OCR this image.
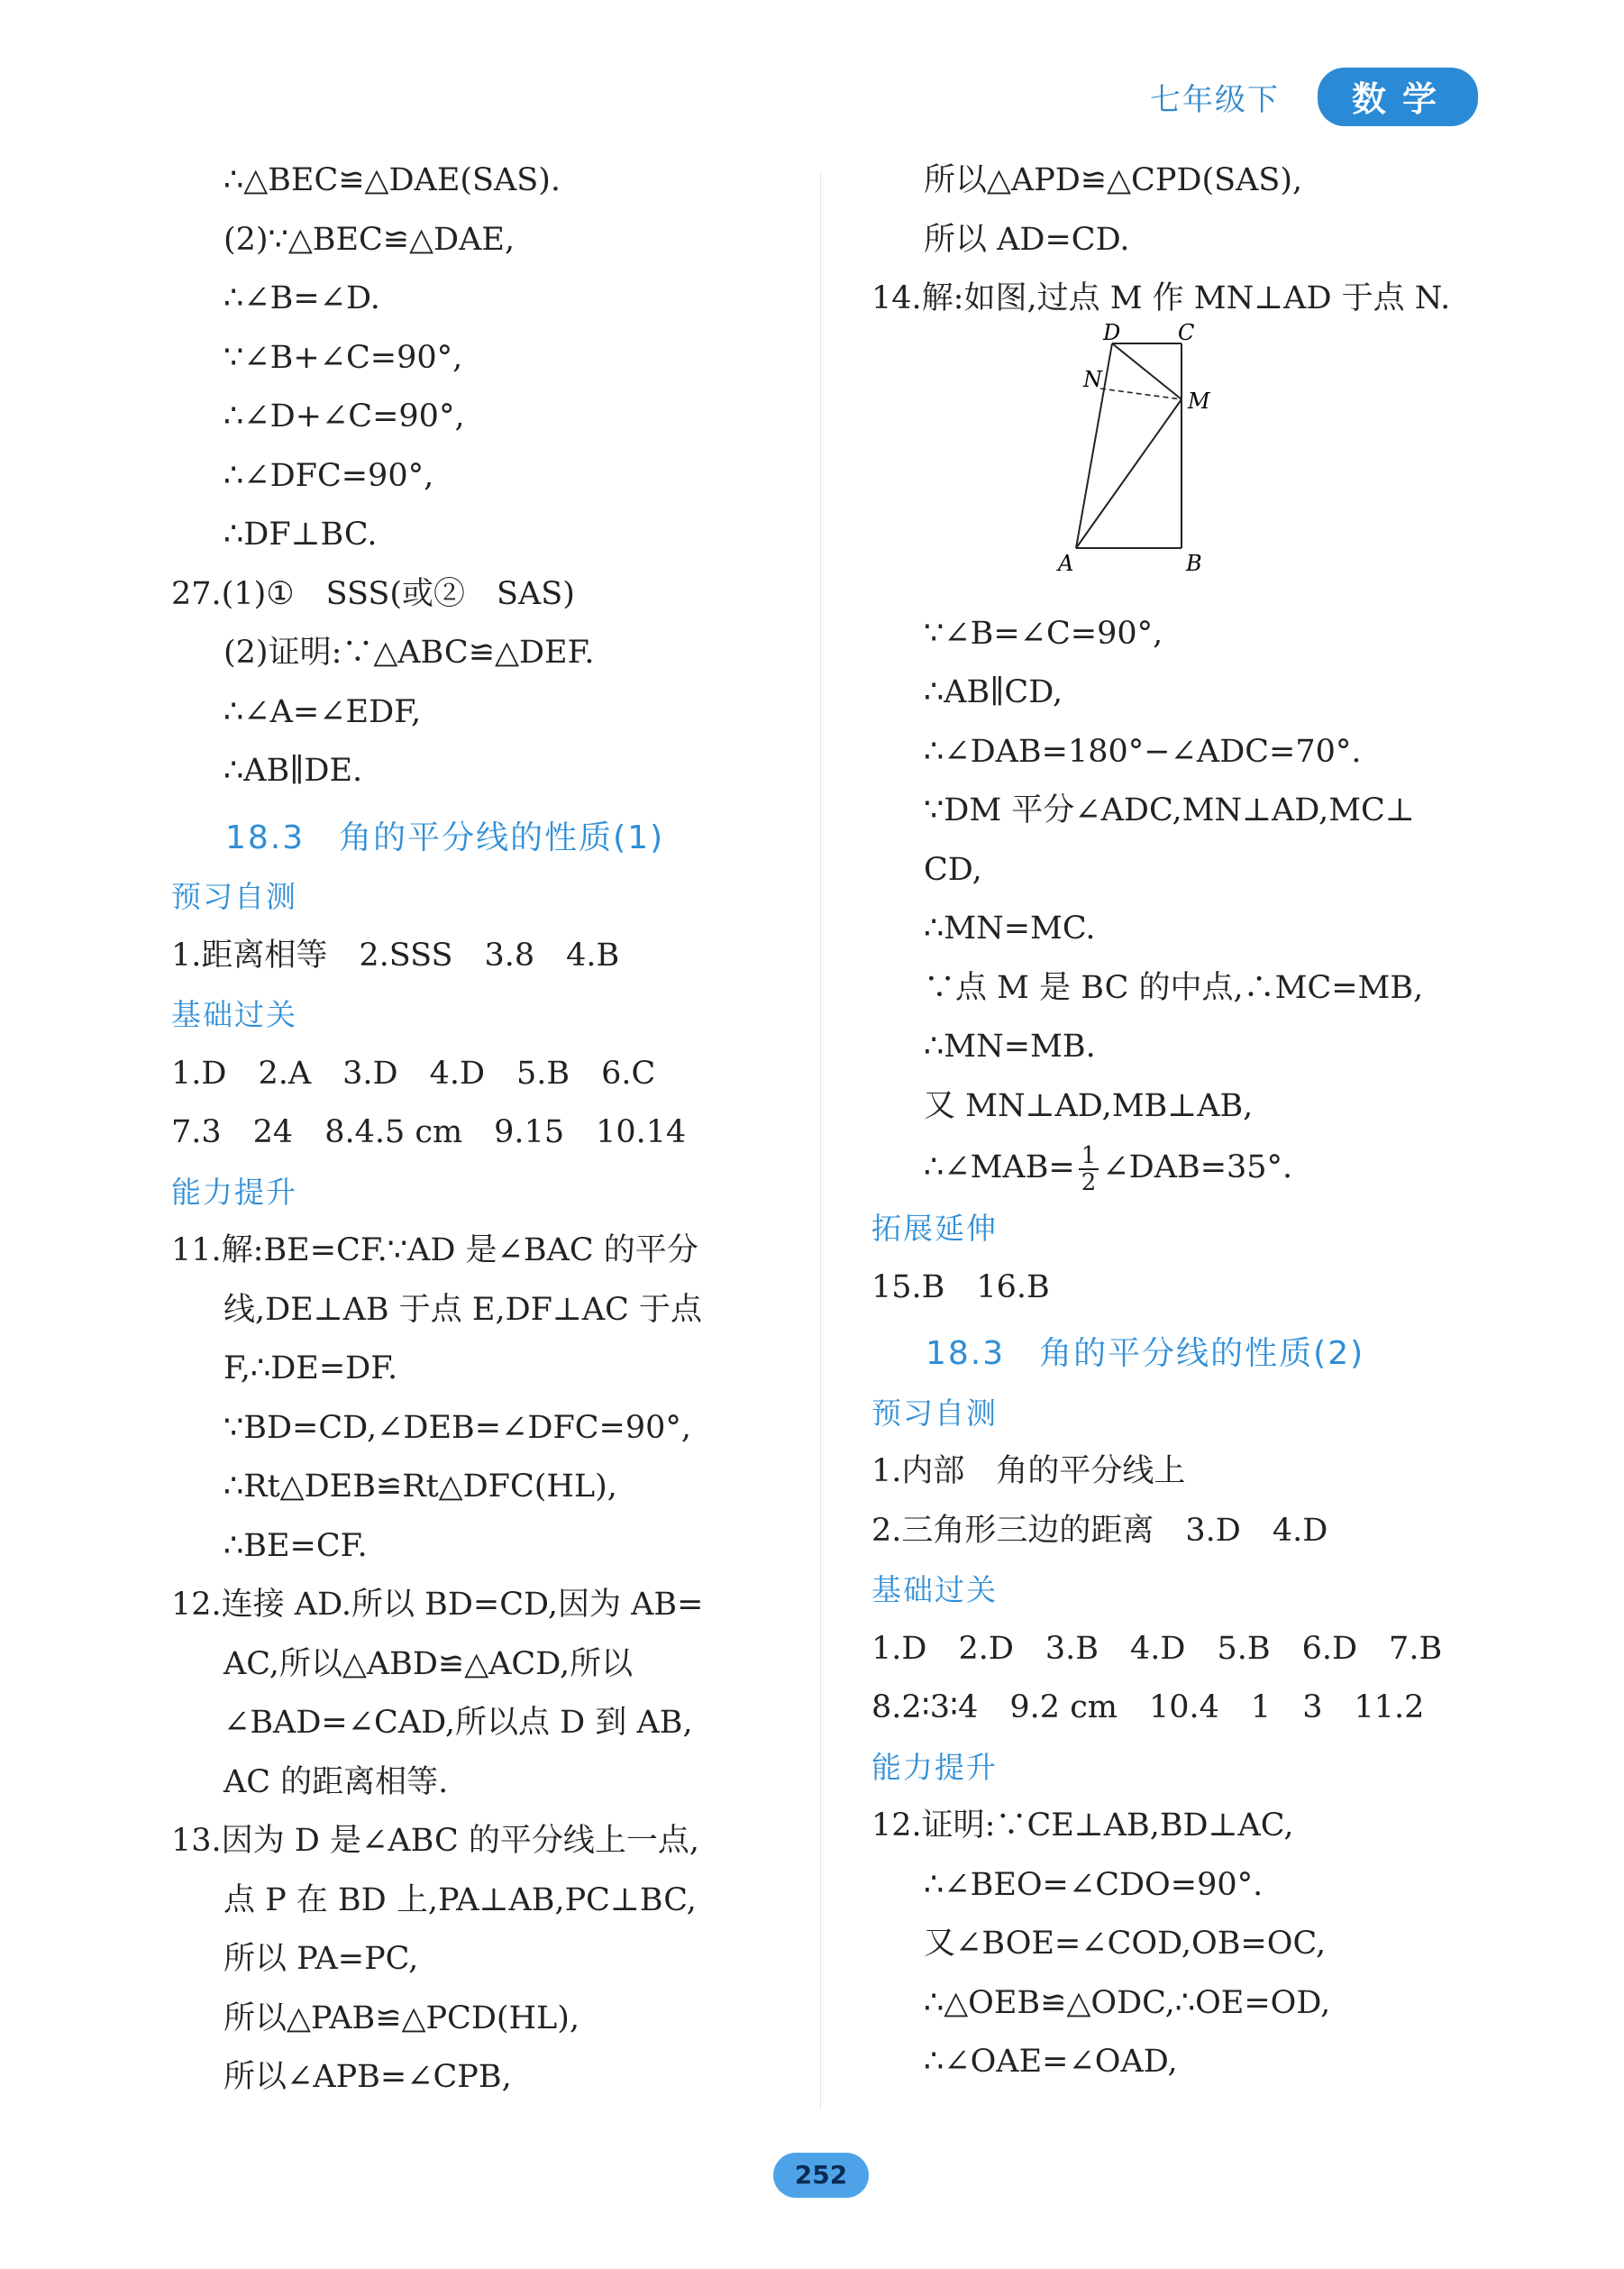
七年级下	数学
∴△BEC≌△DAE(SAS).
(2)∵△BEC≌△DAE,
∴∠B=∠D.
∵∠B+∠C=90°,
∴∠D+∠C=90°,
∴∠DFC=90°,
∴DF⊥BC.
27.(1)①　SSS(或②　SAS)
(2)证明:∵△ABC≌△DEF.
∴∠A=∠EDF,
∴AB∥DE.
18.3　角的平分线的性质(1)
预习自测
1.距离相等　2.SSS　3.8　4.B
基础过关
1.D　2.A　3.D　4.D　5.B　6.C
7.3　24　8.4.5 cm　9.15　10.14
能力提升
11.解:BE=CF.∵AD 是∠BAC 的平分
线,DE⊥AB 于点 E,DF⊥AC 于点
F,∴DE=DF.
∵BD=CD,∠DEB=∠DFC=90°,
∴Rt△DEB≌Rt△DFC(HL),
∴BE=CF.
12.连接 AD.所以 BD=CD,因为 AB=
AC,所以△ABD≌△ACD,所以
∠BAD=∠CAD,所以点 D 到 AB,
AC 的距离相等.
13.因为 D 是∠ABC 的平分线上一点,
点 P 在 BD 上,PA⊥AB,PC⊥BC,
所以 PA=PC,
所以△PAB≌△PCD(HL),
所以∠APB=∠CPB,
所以△APD≌△CPD(SAS),
所以 AD=CD.
14.解:如图,过点 M 作 MN⊥AD 于点 N.
D	C
N
M
A	B
∵∠B=∠C=90°,
∴AB∥CD,
∴∠DAB=180°−∠ADC=70°.
∵DM 平分∠ADC,MN⊥AD,MC⊥
CD,
∴MN=MC.
∵点 M 是 BC 的中点,∴MC=MB,
∴MN=MB.
又 MN⊥AD,MB⊥AB,
∴∠MAB= $\frac{1}{2}$ ∠DAB=35°.
拓展延伸
15.B　16.B
18.3　角的平分线的性质(2)
预习自测
1.内部　角的平分线上
2.三角形三边的距离　3.D　4.D
基础过关
1.D　2.D　3.B　4.D　5.B　6.D　7.B
8.2∶3∶4　9.2 cm　10.4　1　3　11.2
能力提升
12.证明:∵CE⊥AB,BD⊥AC,
∴∠BEO=∠CDO=90°.
又∠BOE=∠COD,OB=OC,
∴△OEB≌△ODC,∴OE=OD,
∴∠OAE=∠OAD,
252
